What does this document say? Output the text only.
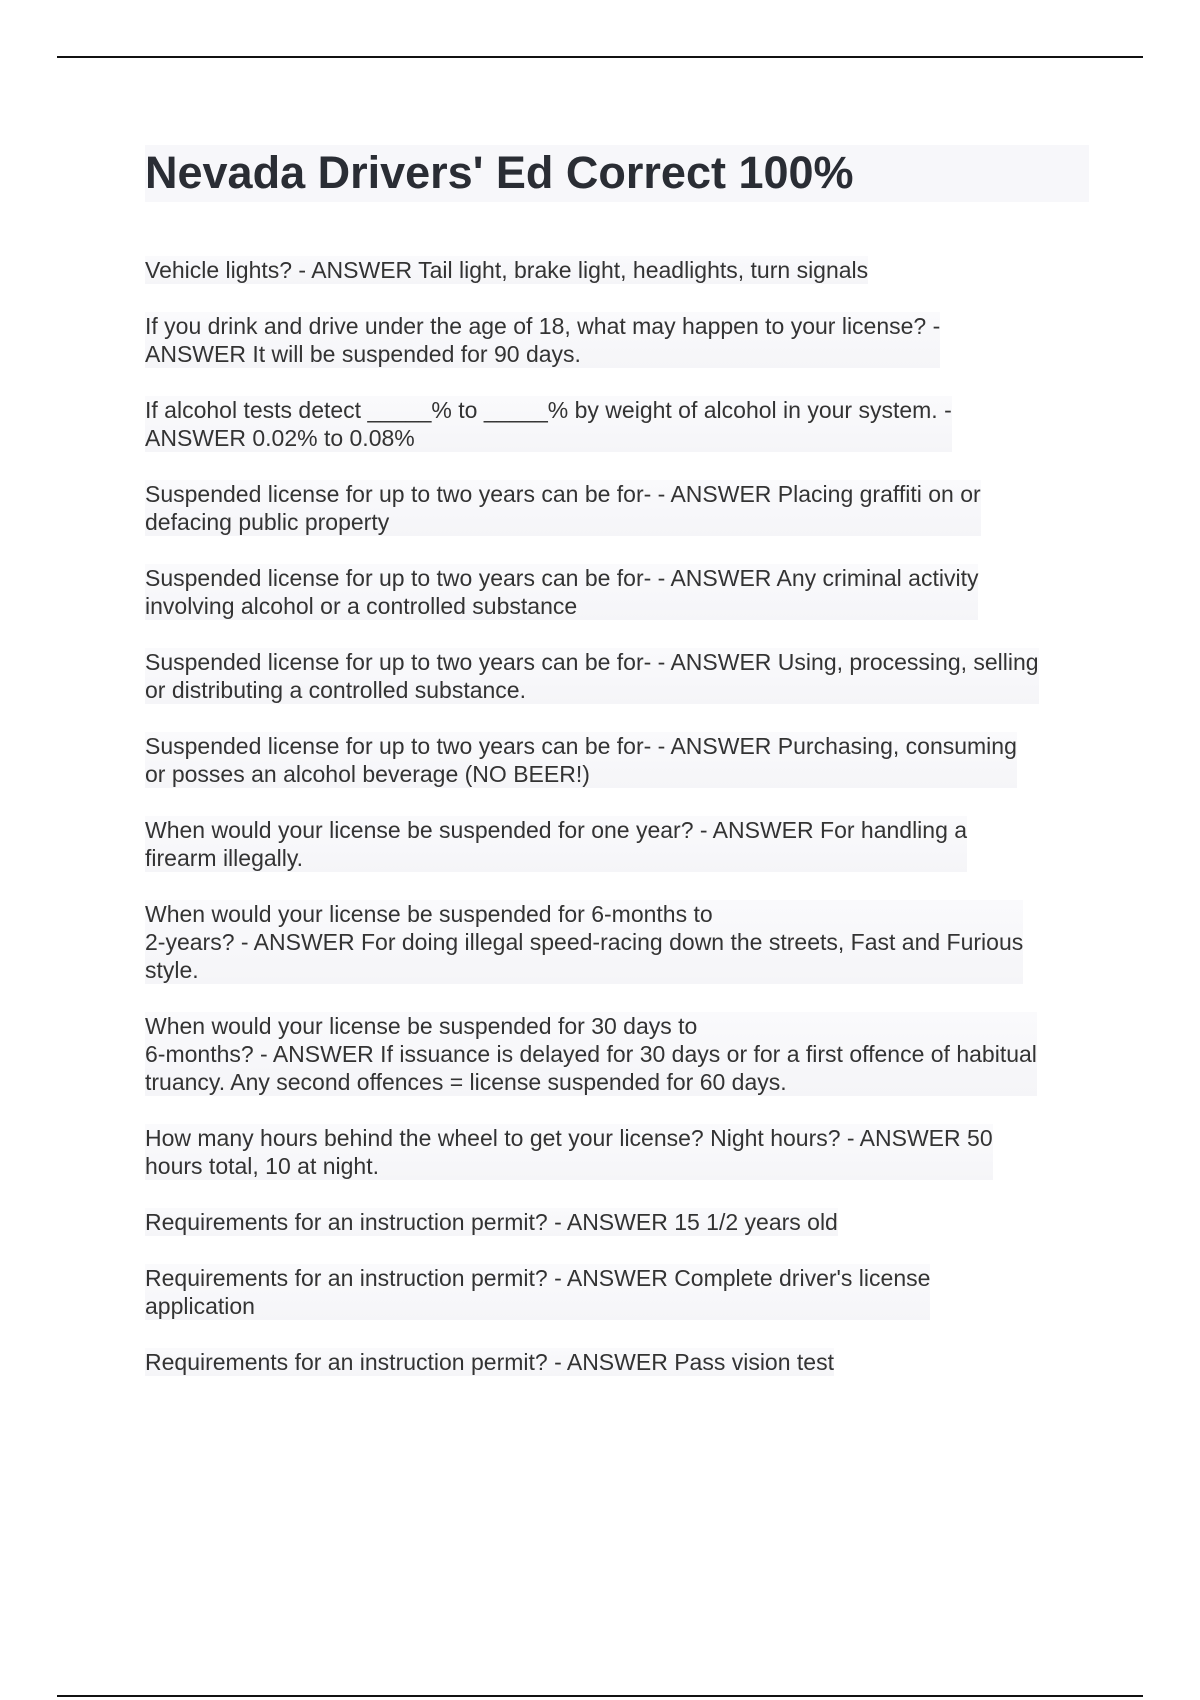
Nevada Drivers' Ed Correct 100%
Vehicle lights? - ANSWER Tail light, brake light, headlights, turn signals
If you drink and drive under the age of 18, what may happen to your license? -
ANSWER It will be suspended for 90 days.
If alcohol tests detect _____% to _____% by weight of alcohol in your system. -
ANSWER 0.02% to 0.08%
Suspended license for up to two years can be for- - ANSWER Placing graffiti on or
defacing public property
Suspended license for up to two years can be for- - ANSWER Any criminal activity
involving alcohol or a controlled substance
Suspended license for up to two years can be for- - ANSWER Using, processing, selling
or distributing a controlled substance.
Suspended license for up to two years can be for- - ANSWER Purchasing, consuming
or posses an alcohol beverage (NO BEER!)
When would your license be suspended for one year? - ANSWER For handling a
firearm illegally.
When would your license be suspended for 6-months to
2-years? - ANSWER For doing illegal speed-racing down the streets, Fast and Furious
style.
When would your license be suspended for 30 days to
6-months? - ANSWER If issuance is delayed for 30 days or for a first offence of habitual
truancy. Any second offences = license suspended for 60 days.
How many hours behind the wheel to get your license? Night hours? - ANSWER 50
hours total, 10 at night.
Requirements for an instruction permit? - ANSWER 15 1/2 years old
Requirements for an instruction permit? - ANSWER Complete driver's license
application
Requirements for an instruction permit? - ANSWER Pass vision test
